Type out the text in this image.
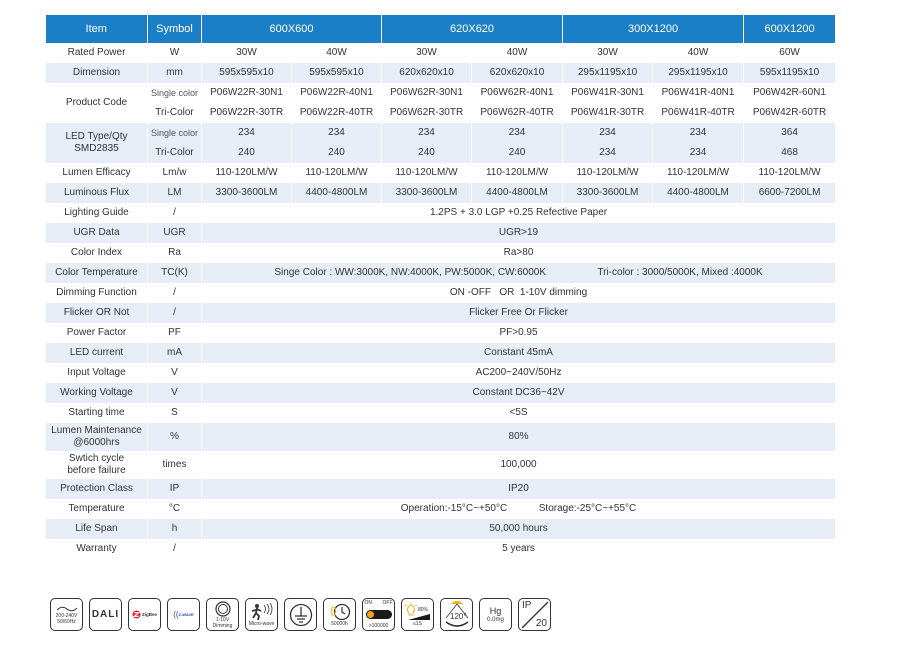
Item	Symbol	600X600		620X620		300X1200		600X1200
Rated Power	W	30W	40W	30W	40W	30W	40W	60W
Dimension	mm	595x595x10	595x595x10	620x620x10	620x620x10	295x1195x10	295x1195x10	595x1195x10
Product Code	Single color	P06W22R-30N1	P06W22R-40N1	P06W62R-30N1	P06W62R-40N1	P06W41R-30N1	P06W41R-40N1	P06W42R-60N1
	Tri-Color	P06W22R-30TR	P06W22R-40TR	P06W62R-30TR	P06W62R-40TR	P06W41R-30TR	P06W41R-40TR	P06W42R-60TR

LED Type/Qty
SMD2835	Single color	234	234	234	234	234	234	364
	Tri-Color	240	240	240	240	234	234	468
Lumen Efficacy	Lm/w	110-120LM/W	110-120LM/W	110-120LM/W	110-120LM/W	110-120LM/W	110-120LM/W	110-120LM/W
Luminous Flux	LM	3300-3600LM	4400-4800LM	3300-3600LM	4400-4800LM	3300-3600LM	4400-4800LM	6600-7200LM
Lighting Guide	/	1.2PS + 3.0 LGP +0.25 Refective Paper						
UGR Data	UGR	UGR>19						
Color Index	Ra	Ra>80						
Color Temperature	TC(K)	Singe Color : WW:3000K, NW:4000K, PW:5000K, CW:6000K Tri-color : 3000/5000K, Mixed :4000K						
Dimming Function	/	ON -OFF   OR  1-10V dimming						
Flicker OR Not	/	Flicker Free Or Flicker						
Power Factor	PF	PF>0.95						
LED current	mA	Constant 45mA						
Input Voltage	V	AC200~240V/50Hz						
Working Voltage	V	Constant DC36~42V						
Starting time	S	<5S						

Lumen Maintenance
@6000hrs	%	80%						

Swtich cycle
before failure	times	100,000						
Protection Class	IP	IP20						
Temperature	°C	Operation:-15°C~+50°C Storage:-25°C~+55°C						
Life Span	h	50,000 hours						
Warranty	/	5 years						
200-240V
50/60Hz
DALI	ZigBee (( Z-WAVE
1-10V
Dimming	Micro-wave	50000h
ON OFF
>100000
80%
≤1S
120°
Hg
0.0mg
IP
20
